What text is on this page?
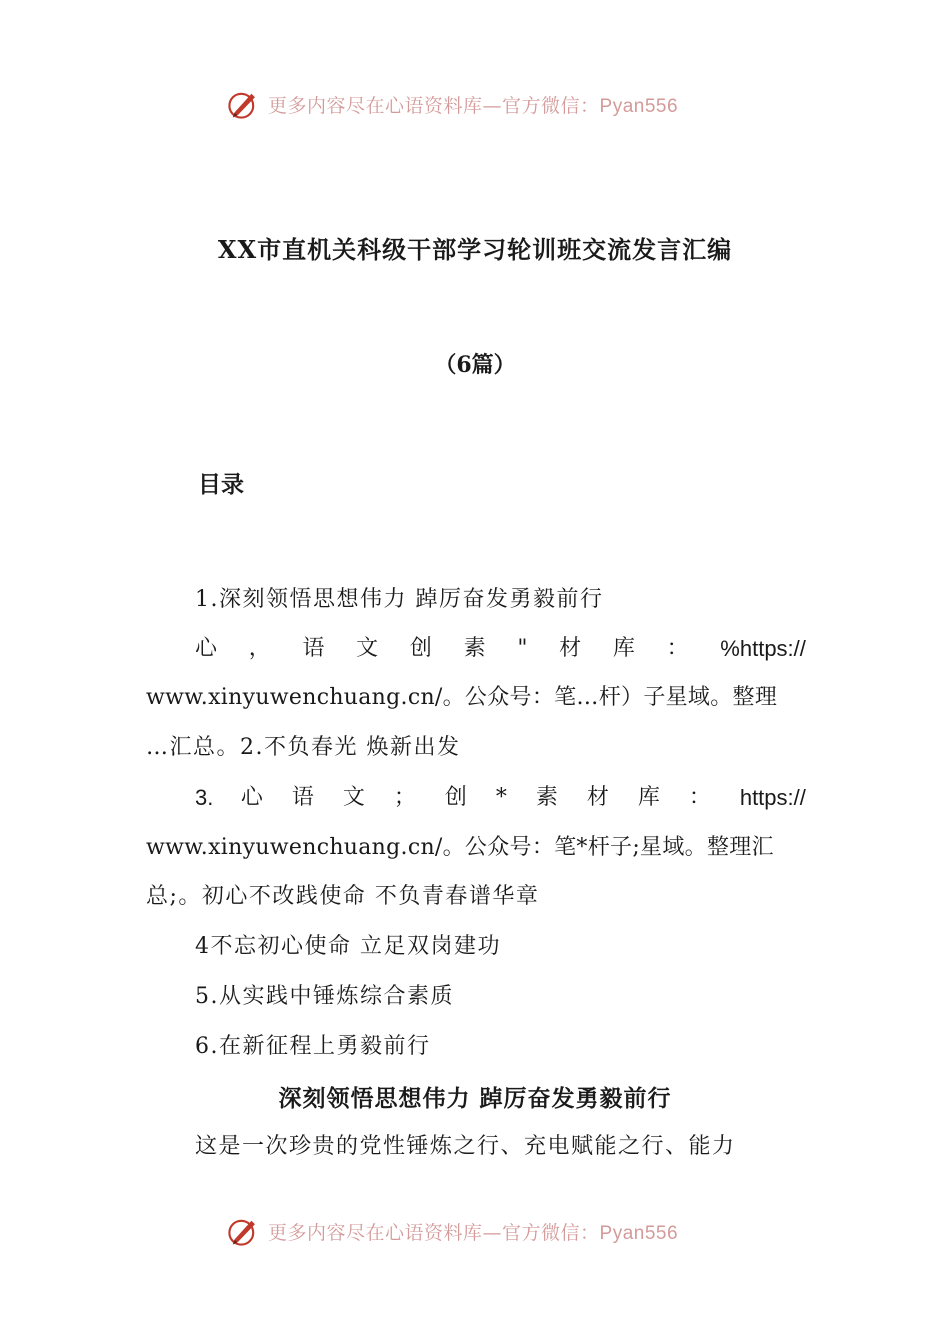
更多内容尽在心语资料库—官方微信：Pyan556
XX市直机关科级干部学习轮训班交流发言汇编
（6篇）
目录
1.深刻领悟思想伟力 踔厉奋发勇毅前行
心 ， 语 文 创 素 " 材 库 ： %https://
www.xinyuwenchuang.cn/。公众号：笔…杆）子星域。整理
…汇总。2.不负春光 焕新出发
3. 心 语 文 ； 创 * 素 材 库 ： https://
www.xinyuwenchuang.cn/。公众号：笔*杆子;星域。整理汇
总;。初心不改践使命 不负青春谱华章
4不忘初心使命 立足双岗建功
5.从实践中锤炼综合素质
6.在新征程上勇毅前行
深刻领悟思想伟力 踔厉奋发勇毅前行
这是一次珍贵的党性锤炼之行、充电赋能之行、能力
更多内容尽在心语资料库—官方微信：Pyan556
